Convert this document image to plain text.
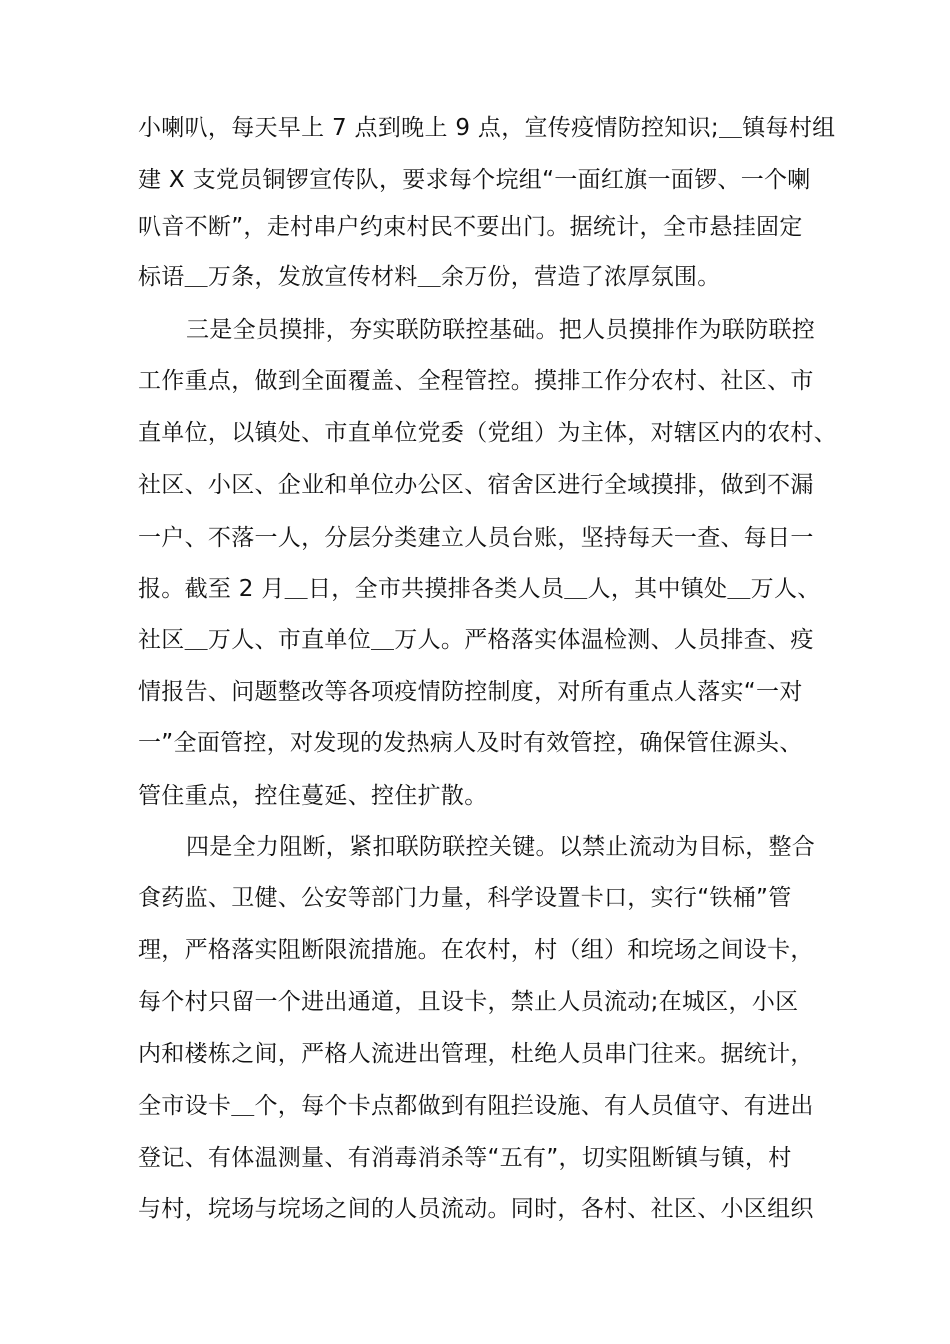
小喇叭，每天早上 7 点到晚上 9 点，宣传疫情防控知识;＿镇每村组
建 X 支党员铜锣宣传队，要求每个垸组“一面红旗一面锣、一个喇
叭音不断”，走村串户约束村民不要出门。据统计，全市悬挂固定
标语＿万条，发放宣传材料＿余万份，营造了浓厚氛围。
三是全员摸排，夯实联防联控基础。把人员摸排作为联防联控
工作重点，做到全面覆盖、全程管控。摸排工作分农村、社区、市
直单位，以镇处、市直单位党委（党组）为主体，对辖区内的农村、
社区、小区、企业和单位办公区、宿舍区进行全域摸排，做到不漏
一户、不落一人，分层分类建立人员台账，坚持每天一查、每日一
报。截至 2 月＿日，全市共摸排各类人员＿人，其中镇处＿万人、
社区＿万人、市直单位＿万人。严格落实体温检测、人员排查、疫
情报告、问题整改等各项疫情防控制度，对所有重点人落实“一对
一”全面管控，对发现的发热病人及时有效管控，确保管住源头、
管住重点，控住蔓延、控住扩散。
四是全力阻断，紧扣联防联控关键。以禁止流动为目标，整合
食药监、卫健、公安等部门力量，科学设置卡口，实行“铁桶”管
理，严格落实阻断限流措施。在农村，村（组）和垸场之间设卡，
每个村只留一个进出通道，且设卡，禁止人员流动;在城区，小区
内和楼栋之间，严格人流进出管理，杜绝人员串门往来。据统计，
全市设卡＿个，每个卡点都做到有阻拦设施、有人员值守、有进出
登记、有体温测量、有消毒消杀等“五有”，切实阻断镇与镇，村
与村，垸场与垸场之间的人员流动。同时，各村、社区、小区组织
